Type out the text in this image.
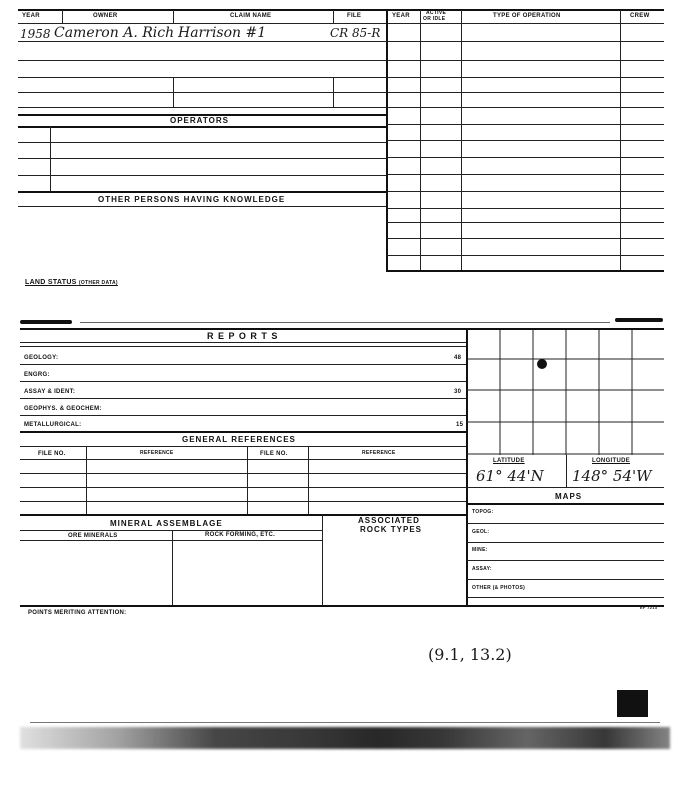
YEAR	OWNER	CLAIM NAME	FILE	YEAR	ACTIVE
OR IDLE	TYPE OF OPERATION	CREW
1958 Cameron A. Rich Harrison #1	CR 85-R
OPERATORS
OTHER PERSONS HAVING KNOWLEDGE
LAND STATUS (OTHER DATA)
R E P O R T S
GEOLOGY:	48
ENGRG:
ASSAY & IDENT:	30
GEOPHYS. & GEOCHEM:
METALLURGICAL:	15
GENERAL REFERENCES
FILE NO.	REFERENCE	FILE NO.	REFERENCE
MINERAL ASSEMBLAGE	ASSOCIATED
ROCK TYPES
ORE MINERALS	ROCK FORMING, ETC.
POINTS MERITING ATTENTION:
EF 7213
LATITUDE	LONGITUDE
61° 44'N 148° 54'W
MAPS
TOPOG:
GEOL:
MINE:
ASSAY:
OTHER (& PHOTOS)
(9.1, 13.2)
